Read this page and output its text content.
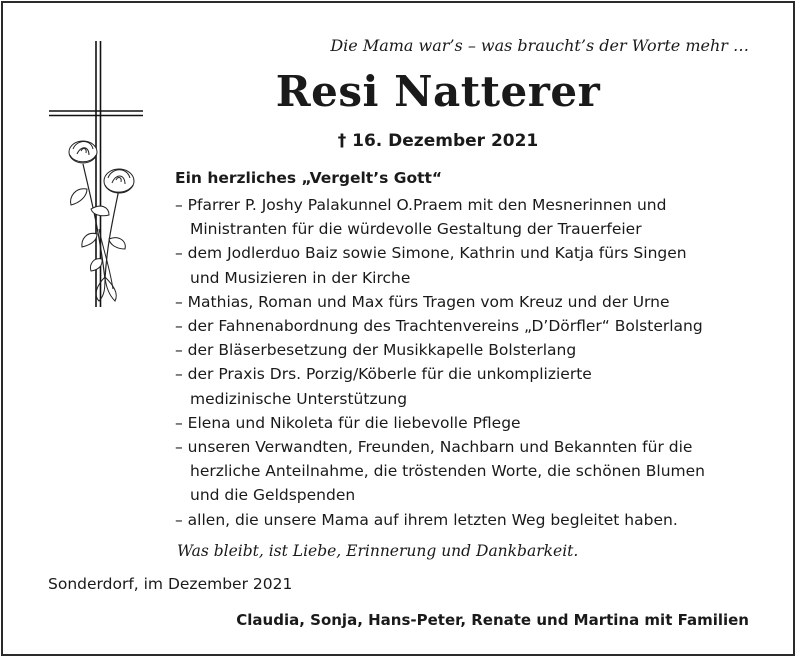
Die Mama war’s – was braucht’s der Worte mehr …
Resi Natterer
† 16. Dezember 2021
Ein herzliches „Vergelt’s Gott“
– Pfarrer P. Joshy Palakunnel O.Praem mit den Mesnerinnen und
Ministranten für die würdevolle Gestaltung der Trauerfeier
– dem Jodlerduo Baiz sowie Simone, Kathrin und Katja fürs Singen
und Musizieren in der Kirche
– Mathias, Roman und Max fürs Tragen vom Kreuz und der Urne
– der Fahnenabordnung des Trachtenvereins „D’Dörfler“ Bolsterlang
– der Bläserbesetzung der Musikkapelle Bolsterlang
– der Praxis Drs. Porzig/Köberle für die unkomplizierte
medizinische Unterstützung
– Elena und Nikoleta für die liebevolle Pflege
– unseren Verwandten, Freunden, Nachbarn und Bekannten für die
herzliche Anteilnahme, die tröstenden Worte, die schönen Blumen
und die Geldspenden
– allen, die unsere Mama auf ihrem letzten Weg begleitet haben.
Was bleibt, ist Liebe, Erinnerung und Dankbarkeit.
Sonderdorf, im Dezember 2021
Claudia, Sonja, Hans-Peter, Renate und Martina mit Familien
